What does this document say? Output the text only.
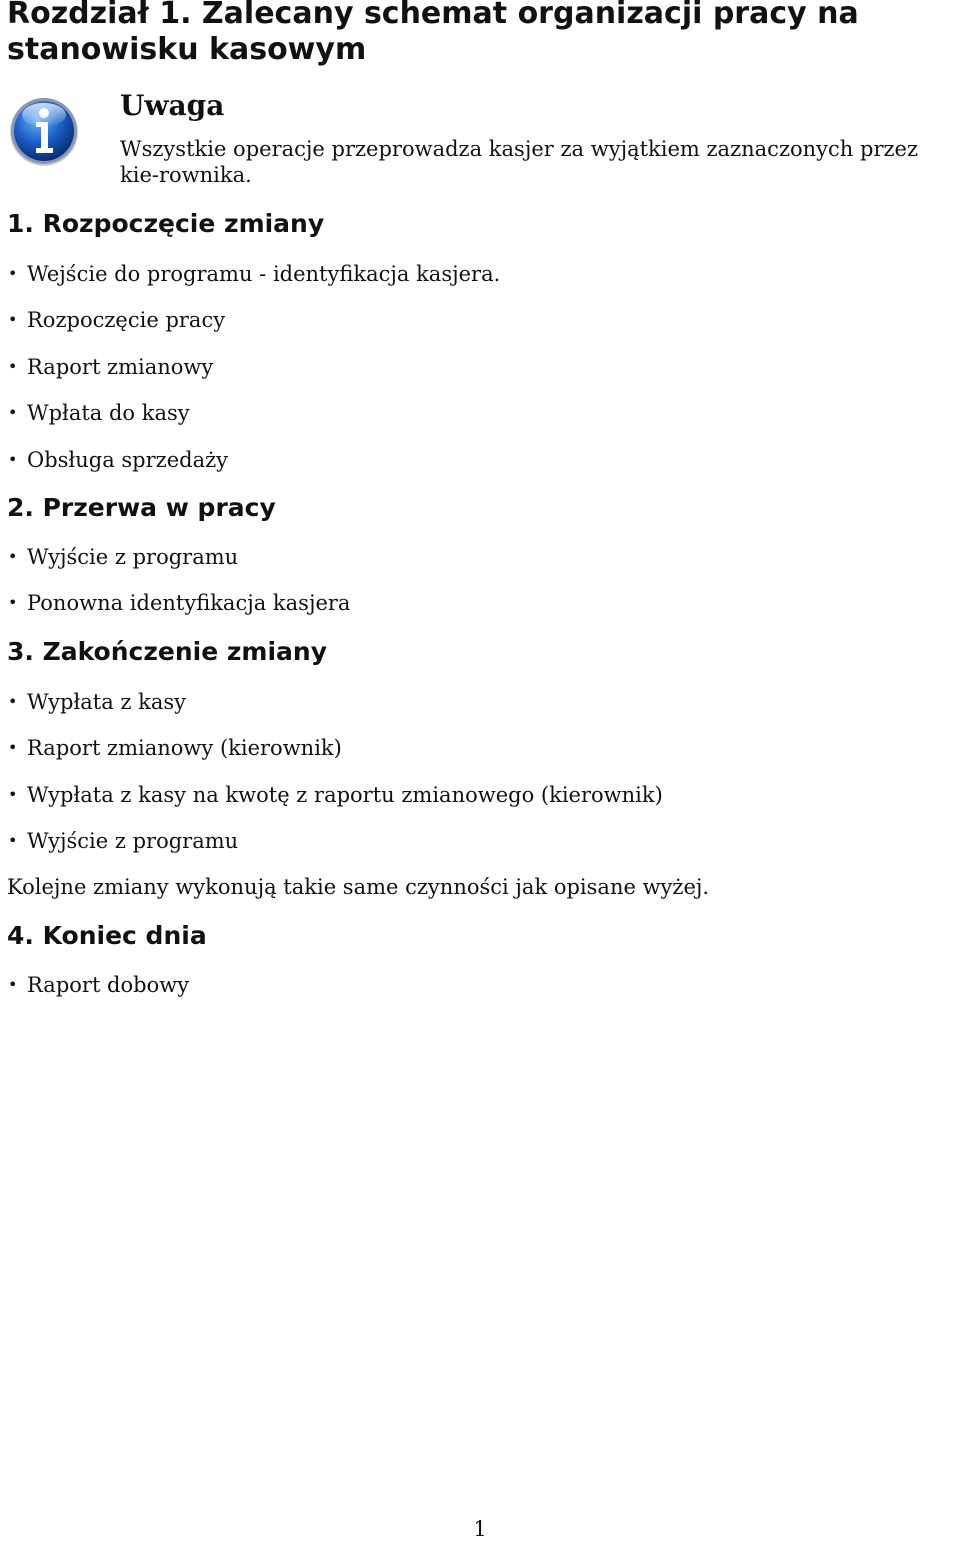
Rozdział 1. Zalecany schemat organizacji pracy na stanowisku kasowym
Uwaga

Wszystkie operacje przeprowadza kasjer za wyjątkiem zaznaczonych przez kie-rownika.

1. Rozpoczęcie zmiany
• Wejście do programu - identyfikacja kasjera.
• Rozpoczęcie pracy
• Raport zmianowy
• Wpłata do kasy
• Obsługa sprzedaży
2. Przerwa w pracy
• Wyjście z programu
• Ponowna identyfikacja kasjera
3. Zakończenie zmiany
• Wypłata z kasy
• Raport zmianowy (kierownik)
• Wypłata z kasy na kwotę z raportu zmianowego (kierownik)
• Wyjście z programu

Kolejne zmiany wykonują takie same czynności jak opisane wyżej.

4. Koniec dnia
• Raport dobowy

1
